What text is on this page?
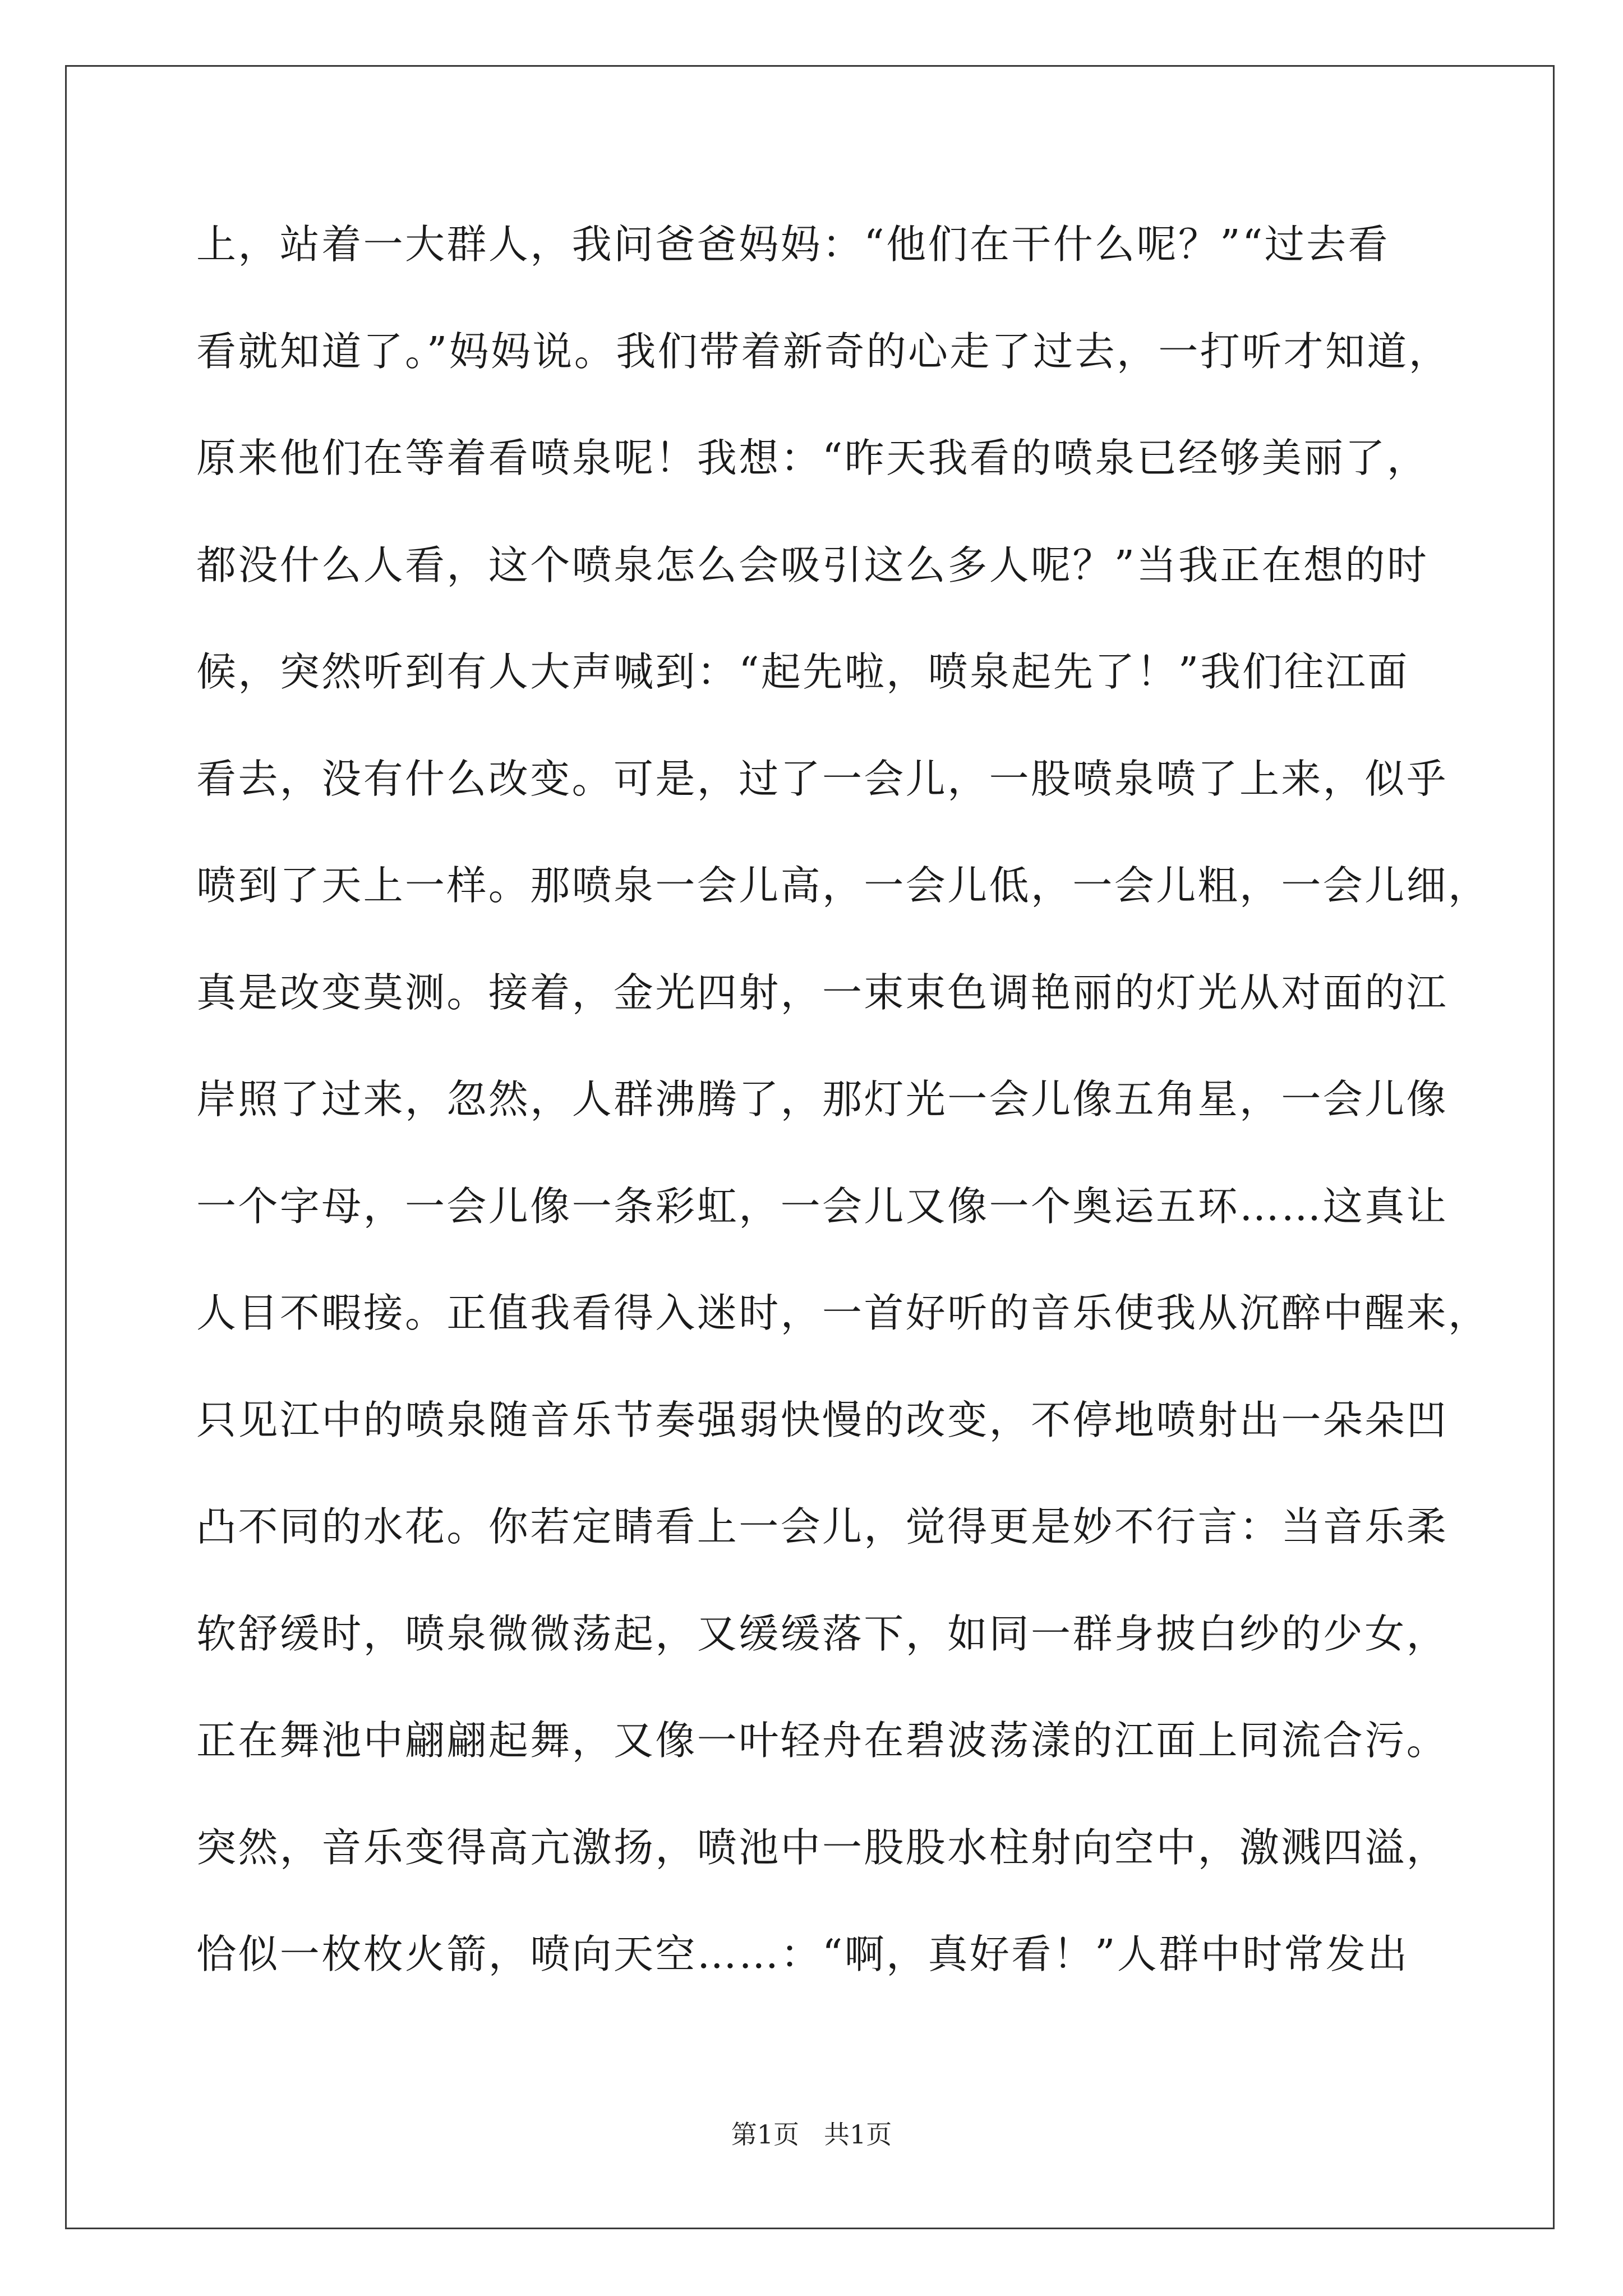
上，站着一大群人，我问爸爸妈妈：“他们在干什么呢？”“过去看
看就知道了。”妈妈说。我们带着新奇的心走了过去，一打听才知道，
原来他们在等着看喷泉呢！我想：“昨天我看的喷泉已经够美丽了，
都没什么人看，这个喷泉怎么会吸引这么多人呢？”当我正在想的时
候，突然听到有人大声喊到：“起先啦，喷泉起先了！”我们往江面
看去，没有什么改变。可是，过了一会儿，一股喷泉喷了上来，似乎
喷到了天上一样。那喷泉一会儿高，一会儿低，一会儿粗，一会儿细，
真是改变莫测。接着，金光四射，一束束色调艳丽的灯光从对面的江
岸照了过来，忽然，人群沸腾了，那灯光一会儿像五角星，一会儿像
一个字母，一会儿像一条彩虹，一会儿又像一个奥运五环……这真让
人目不暇接。正值我看得入迷时，一首好听的音乐使我从沉醉中醒来，
只见江中的喷泉随音乐节奏强弱快慢的改变，不停地喷射出一朵朵凹
凸不同的水花。你若定睛看上一会儿，觉得更是妙不行言：当音乐柔
软舒缓时，喷泉微微荡起，又缓缓落下，如同一群身披白纱的少女，
正在舞池中翩翩起舞，又像一叶轻舟在碧波荡漾的江面上同流合污。
突然，音乐变得高亢激扬，喷池中一股股水柱射向空中，激溅四溢，
恰似一枚枚火箭，喷向天空……：“啊，真好看！”人群中时常发出
第1页 共1页
